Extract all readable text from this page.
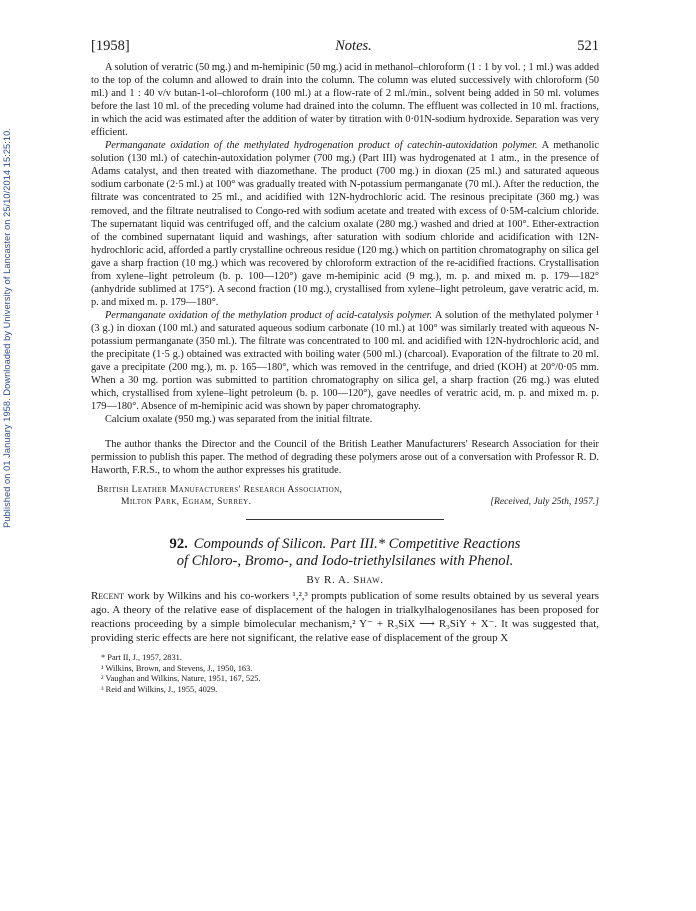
Published on 01 January 1958. Downloaded by University of Lancaster on 25/10/2014 15:25:10.
[1958]	Notes.	521

A solution of veratric (50 mg.) and m-hemipinic (50 mg.) acid in methanol–chloroform (1 : 1 by vol. ; 1 ml.) was added to the top of the column and allowed to drain into the column. The column was eluted successively with chloroform (50 ml.) and 1 : 40 v/v butan-1-ol–chloroform (100 ml.) at a flow-rate of 2 ml./min., solvent being added in 50 ml. volumes before the last 10 ml. of the preceding volume had drained into the column. The effluent was collected in 10 ml. fractions, in which the acid was estimated after the addition of water by titration with 0·01N-sodium hydroxide. Separation was very efficient.

Permanganate oxidation of the methylated hydrogenation product of catechin-autoxidation polymer. A methanolic solution (130 ml.) of catechin-autoxidation polymer (700 mg.) (Part III) was hydrogenated at 1 atm., in the presence of Adams catalyst, and then treated with diazomethane. The product (700 mg.) in dioxan (25 ml.) and saturated aqueous sodium carbonate (2·5 ml.) at 100° was gradually treated with N-potassium permanganate (70 ml.). After the reduction, the filtrate was concentrated to 25 ml., and acidified with 12N-hydrochloric acid. The resinous precipitate (360 mg.) was removed, and the filtrate neutralised to Congo-red with sodium acetate and treated with excess of 0·5M-calcium chloride. The supernatant liquid was centrifuged off, and the calcium oxalate (280 mg.) washed and dried at 100°. Ether-extraction of the combined supernatant liquid and washings, after saturation with sodium chloride and acidification with 12N-hydrochloric acid, afforded a partly crystalline ochreous residue (120 mg.) which on partition chromatography on silica gel gave a sharp fraction (10 mg.) which was recovered by chloroform extraction of the re-acidified fractions. Crystallisation from xylene–light petroleum (b. p. 100—120°) gave m-hemipinic acid (9 mg.), m. p. and mixed m. p. 179—182° (anhydride sublimed at 175°). A second fraction (10 mg.), crystallised from xylene–light petroleum, gave veratric acid, m. p. and mixed m. p. 179—180°.

Permanganate oxidation of the methylation product of acid-catalysis polymer. A solution of the methylated polymer ¹ (3 g.) in dioxan (100 ml.) and saturated aqueous sodium carbonate (10 ml.) at 100° was similarly treated with aqueous N-potassium permanganate (350 ml.). The filtrate was concentrated to 100 ml. and acidified with 12N-hydrochloric acid, and the precipitate (1·5 g.) obtained was extracted with boiling water (500 ml.) (charcoal). Evaporation of the filtrate to 20 ml. gave a precipitate (200 mg.), m. p. 165—180°, which was removed in the centrifuge, and dried (KOH) at 20°/0·05 mm. When a 30 mg. portion was submitted to partition chromatography on silica gel, a sharp fraction (26 mg.) was eluted which, crystallised from xylene–light petroleum (b. p. 100—120°), gave needles of veratric acid, m. p. and mixed m. p. 179—180°. Absence of m-hemipinic acid was shown by paper chromatography.

Calcium oxalate (950 mg.) was separated from the initial filtrate.

The author thanks the Director and the Council of the British Leather Manufacturers' Research Association for their permission to publish this paper. The method of degrading these polymers arose out of a conversation with Professor R. D. Haworth, F.R.S., to whom the author expresses his gratitude.

British Leather Manufacturers' Research Association,
Milton Park, Egham, Surrey.	[Received, July 25th, 1957.]
92. Compounds of Silicon. Part III.* Competitive Reactions
of Chloro-, Bromo-, and Iodo-triethylsilanes with Phenol.
By R. A. Shaw.

Recent work by Wilkins and his co-workers ¹,²,³ prompts publication of some results obtained by us several years ago. A theory of the relative ease of displacement of the halogen in trialkylhalogenosilanes has been proposed for reactions proceeding by a simple bimolecular mechanism,² Y⁻ + R₃SiX ⟶ R₃SiY + X⁻. It was suggested that, providing steric effects are here not significant, the relative ease of displacement of the group X

* Part II, J., 1957, 2831.
¹ Wilkins, Brown, and Stevens, J., 1950, 163.
² Vaughan and Wilkins, Nature, 1951, 167, 525.
³ Reid and Wilkins, J., 1955, 4029.
